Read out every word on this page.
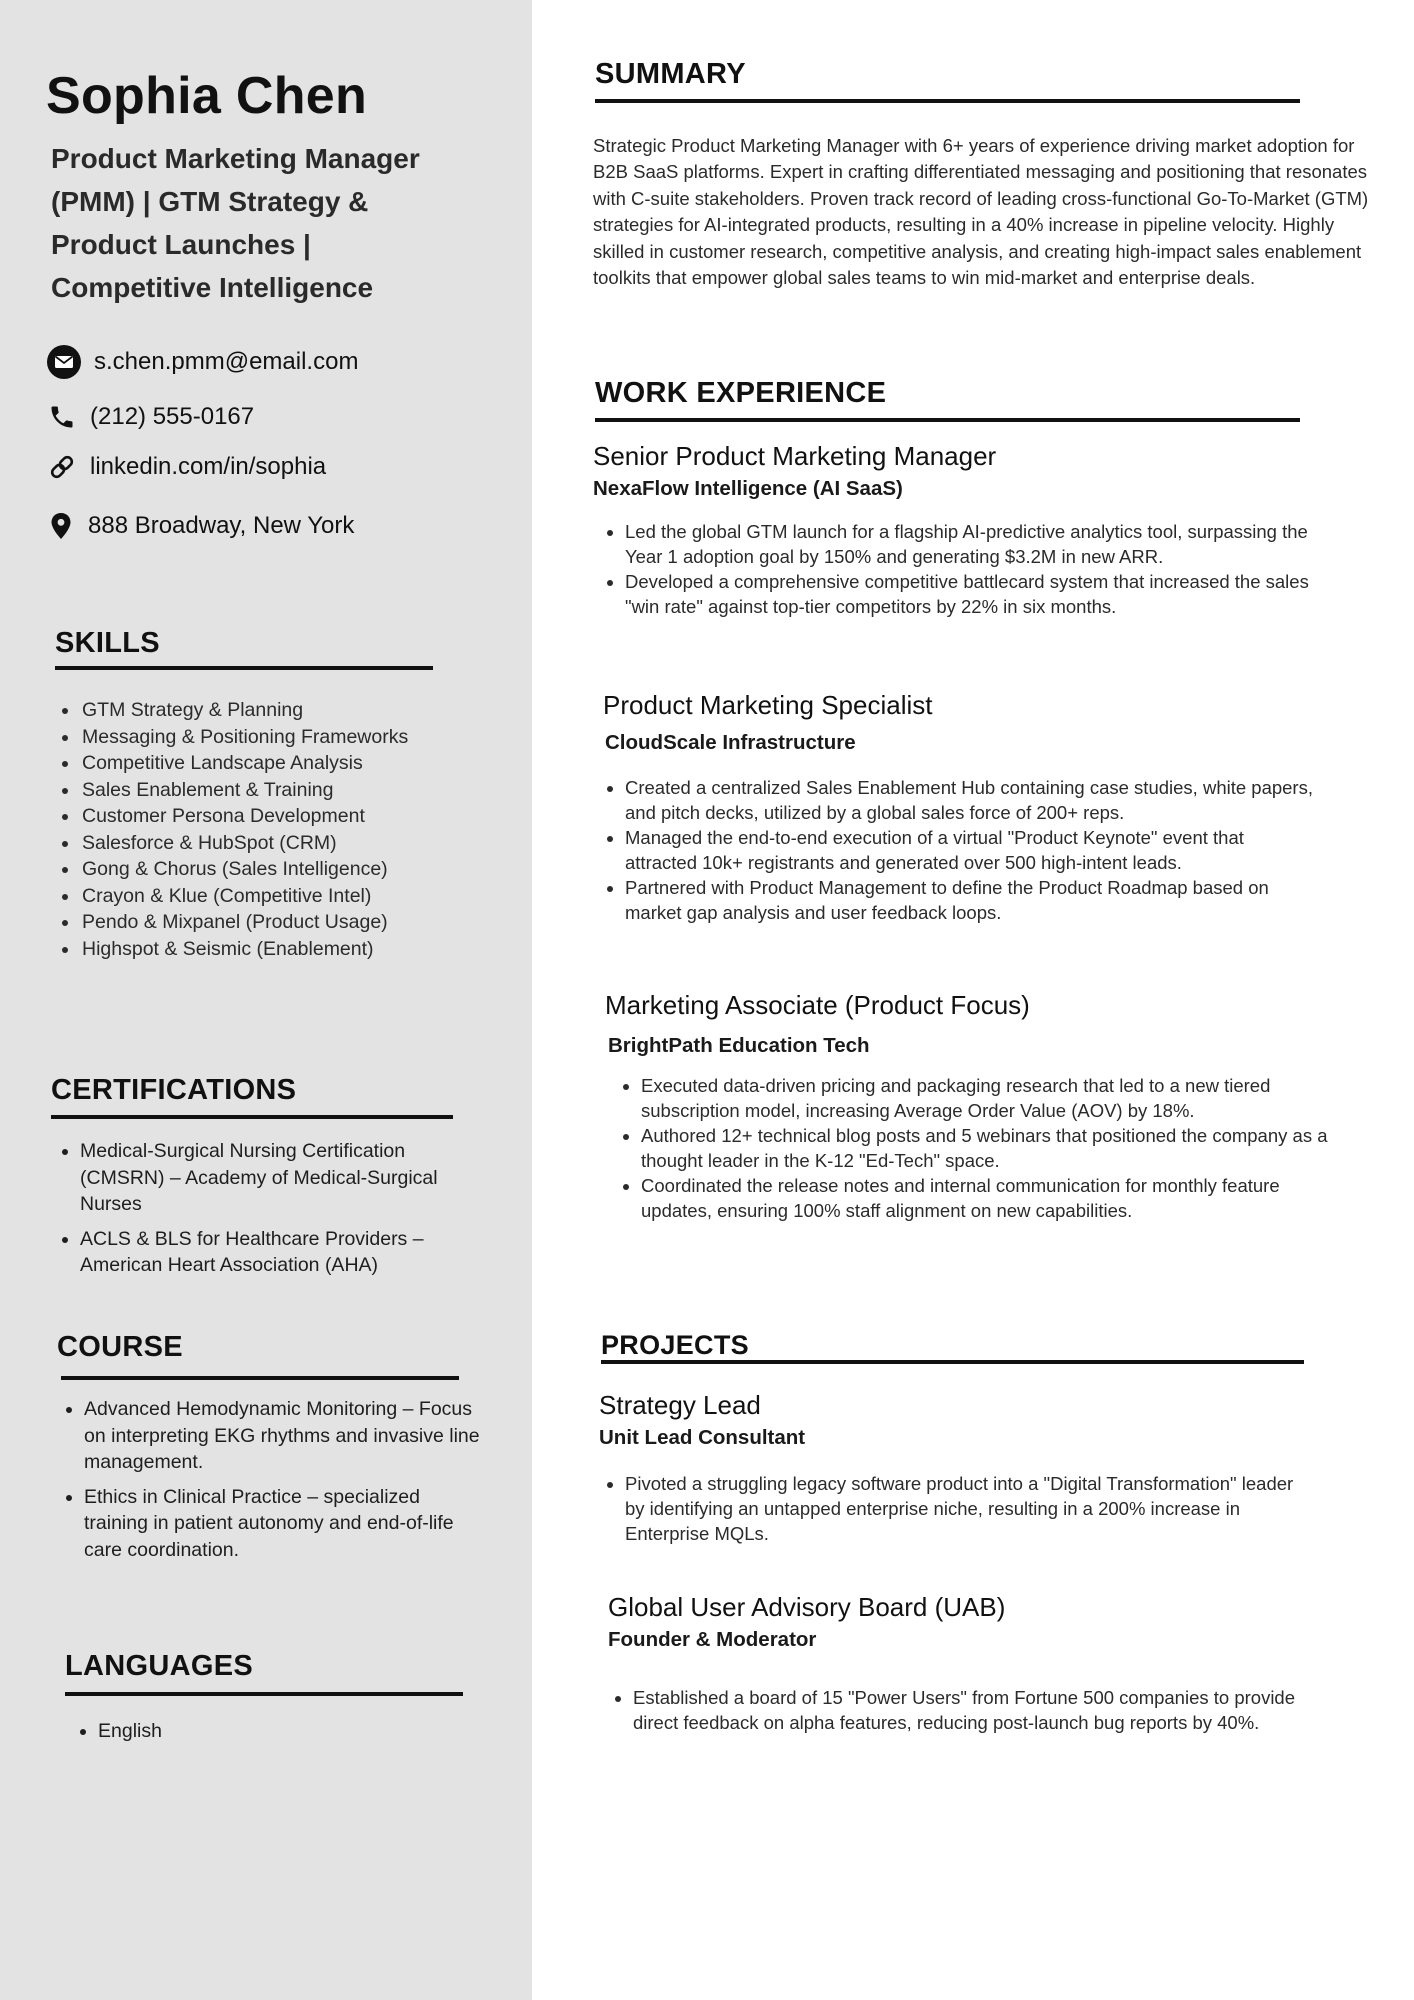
Sophia Chen
Product Marketing Manager (PMM) | GTM Strategy & Product Launches | Competitive Intelligence
s.chen.pmm@email.com
(212) 555-0167
linkedin.com/in/sophia
888 Broadway, New York
SKILLS
• GTM Strategy & Planning
• Messaging & Positioning Frameworks
• Competitive Landscape Analysis
• Sales Enablement & Training
• Customer Persona Development
• Salesforce & HubSpot (CRM)
• Gong & Chorus (Sales Intelligence)
• Crayon & Klue (Competitive Intel)
• Pendo & Mixpanel (Product Usage)
• Highspot & Seismic (Enablement)
CERTIFICATIONS
• Medical-Surgical Nursing Certification (CMSRN) – Academy of Medical-Surgical Nurses
• ACLS & BLS for Healthcare Providers – American Heart Association (AHA)
COURSE
• Advanced Hemodynamic Monitoring – Focus on interpreting EKG rhythms and invasive line management.
• Ethics in Clinical Practice – specialized training in patient autonomy and end-of-life care coordination.
LANGUAGES
• English
SUMMARY
Strategic Product Marketing Manager with 6+ years of experience driving market adoption for B2B SaaS platforms. Expert in crafting differentiated messaging and positioning that resonates with C-suite stakeholders. Proven track record of leading cross-functional Go-To-Market (GTM) strategies for AI-integrated products, resulting in a 40% increase in pipeline velocity. Highly skilled in customer research, competitive analysis, and creating high-impact sales enablement toolkits that empower global sales teams to win mid-market and enterprise deals.
WORK EXPERIENCE
Senior Product Marketing Manager
NexaFlow Intelligence (AI SaaS)
• Led the global GTM launch for a flagship AI-predictive analytics tool, surpassing the Year 1 adoption goal by 150% and generating $3.2M in new ARR.
• Developed a comprehensive competitive battlecard system that increased the sales "win rate" against top-tier competitors by 22% in six months.
Product Marketing Specialist
CloudScale Infrastructure
• Created a centralized Sales Enablement Hub containing case studies, white papers, and pitch decks, utilized by a global sales force of 200+ reps.
• Managed the end-to-end execution of a virtual "Product Keynote" event that attracted 10k+ registrants and generated over 500 high-intent leads.
• Partnered with Product Management to define the Product Roadmap based on market gap analysis and user feedback loops.
Marketing Associate (Product Focus)
BrightPath Education Tech
• Executed data-driven pricing and packaging research that led to a new tiered subscription model, increasing Average Order Value (AOV) by 18%.
• Authored 12+ technical blog posts and 5 webinars that positioned the company as a thought leader in the K-12 "Ed-Tech" space.
• Coordinated the release notes and internal communication for monthly feature updates, ensuring 100% staff alignment on new capabilities.
PROJECTS
Strategy Lead
Unit Lead Consultant
• Pivoted a struggling legacy software product into a "Digital Transformation" leader by identifying an untapped enterprise niche, resulting in a 200% increase in Enterprise MQLs.
Global User Advisory Board (UAB)
Founder & Moderator
• Established a board of 15 "Power Users" from Fortune 500 companies to provide direct feedback on alpha features, reducing post-launch bug reports by 40%.
